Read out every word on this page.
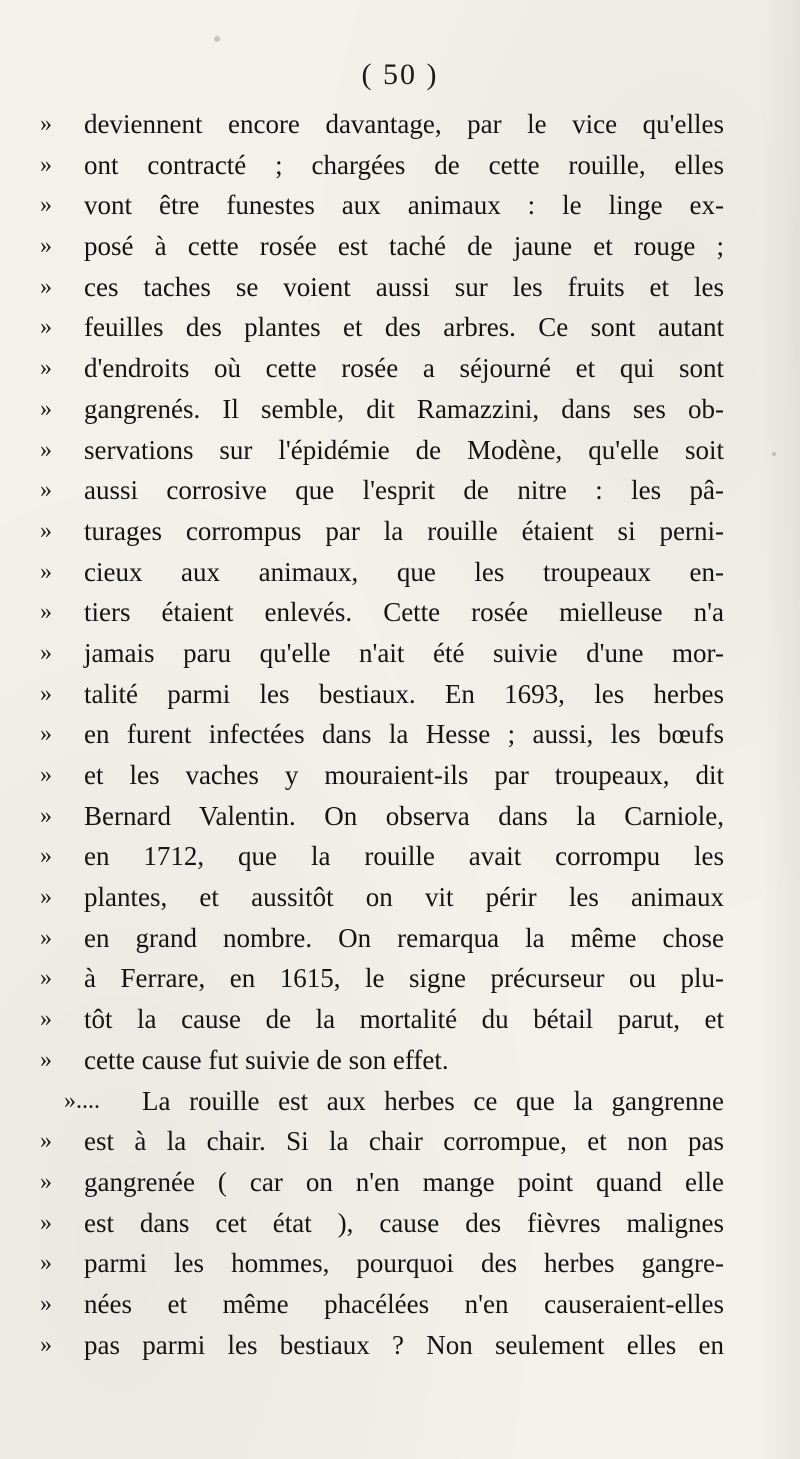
( 50 )
»	deviennent encore davantage, par le vice qu'elles
»	ont contracté ; chargées de cette rouille, elles
»	vont être funestes aux animaux : le linge ex-
»	posé à cette rosée est taché de jaune et rouge ;
»	ces taches se voient aussi sur les fruits et les
»	feuilles des plantes et des arbres. Ce sont autant
»	d'endroits où cette rosée a séjourné et qui sont
»	gangrenés. Il semble, dit Ramazzini, dans ses ob-
»	servations sur l'épidémie de Modène, qu'elle soit
»	aussi corrosive que l'esprit de nitre : les pâ-
»	turages corrompus par la rouille étaient si perni-
»	cieux aux animaux, que les troupeaux en-
»	tiers étaient enlevés. Cette rosée mielleuse n'a
»	jamais paru qu'elle n'ait été suivie d'une mor-
»	talité parmi les bestiaux. En 1693, les herbes
»	en furent infectées dans la Hesse ; aussi, les bœufs
»	et les vaches y mouraient-ils par troupeaux, dit
»	Bernard Valentin. On observa dans la Carniole,
»	en 1712, que la rouille avait corrompu les
»	plantes, et aussitôt on vit périr les animaux
»	en grand nombre. On remarqua la même chose
»	à Ferrare, en 1615, le signe précurseur ou plu-
»	tôt la cause de la mortalité du bétail parut, et
»	cette cause fut suivie de son effet.
».... La rouille est aux herbes ce que la gangrenne
»	est à la chair. Si la chair corrompue, et non pas
»	gangrenée ( car on n'en mange point quand elle
»	est dans cet état ), cause des fièvres malignes
»	parmi les hommes, pourquoi des herbes gangre-
»	nées et même phacélées n'en causeraient-elles
»	pas parmi les bestiaux ? Non seulement elles en
